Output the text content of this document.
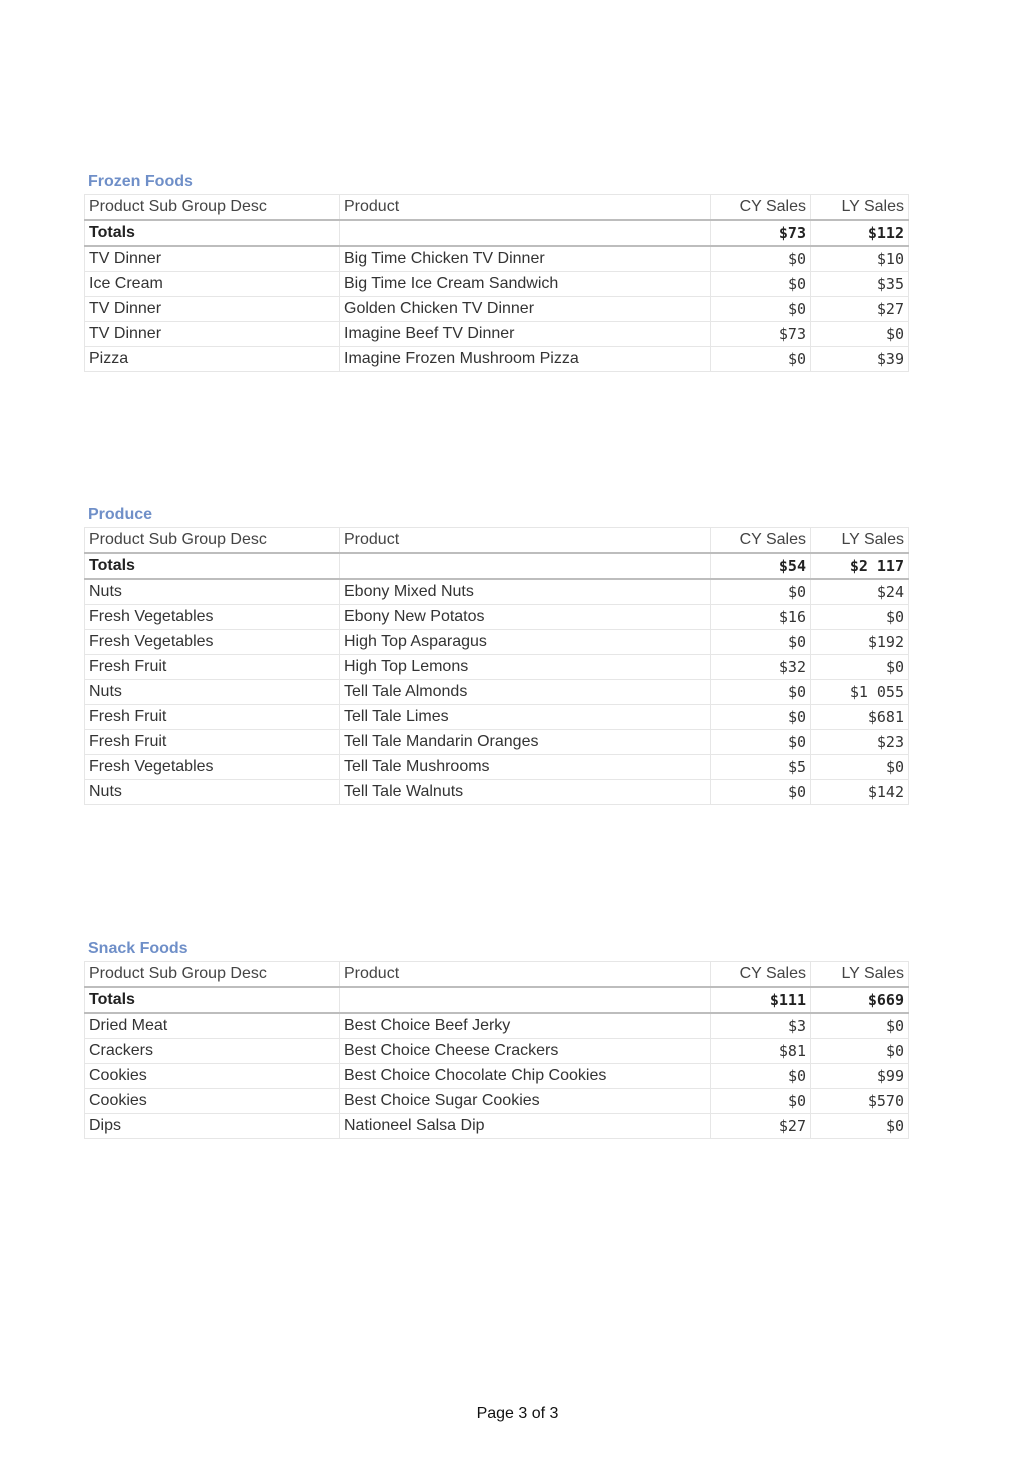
Frozen Foods
Product Sub Group Desc	Product	CY Sales	LY Sales
Totals		$73	$112
TV Dinner	Big Time Chicken TV Dinner	$0	$10
Ice Cream	Big Time Ice Cream Sandwich	$0	$35
TV Dinner	Golden Chicken TV Dinner	$0	$27
TV Dinner	Imagine Beef TV Dinner	$73	$0
Pizza	Imagine Frozen Mushroom Pizza	$0	$39
Produce
Product Sub Group Desc	Product	CY Sales	LY Sales
Totals		$54	$2 117
Nuts	Ebony Mixed Nuts	$0	$24
Fresh Vegetables	Ebony New Potatos	$16	$0
Fresh Vegetables	High Top Asparagus	$0	$192
Fresh Fruit	High Top Lemons	$32	$0
Nuts	Tell Tale Almonds	$0	$1 055
Fresh Fruit	Tell Tale Limes	$0	$681
Fresh Fruit	Tell Tale Mandarin Oranges	$0	$23
Fresh Vegetables	Tell Tale Mushrooms	$5	$0
Nuts	Tell Tale Walnuts	$0	$142
Snack Foods
Product Sub Group Desc	Product	CY Sales	LY Sales
Totals		$111	$669
Dried Meat	Best Choice Beef Jerky	$3	$0
Crackers	Best Choice Cheese Crackers	$81	$0
Cookies	Best Choice Chocolate Chip Cookies	$0	$99
Cookies	Best Choice Sugar Cookies	$0	$570
Dips	Nationeel Salsa Dip	$27	$0
Page 3 of 3
